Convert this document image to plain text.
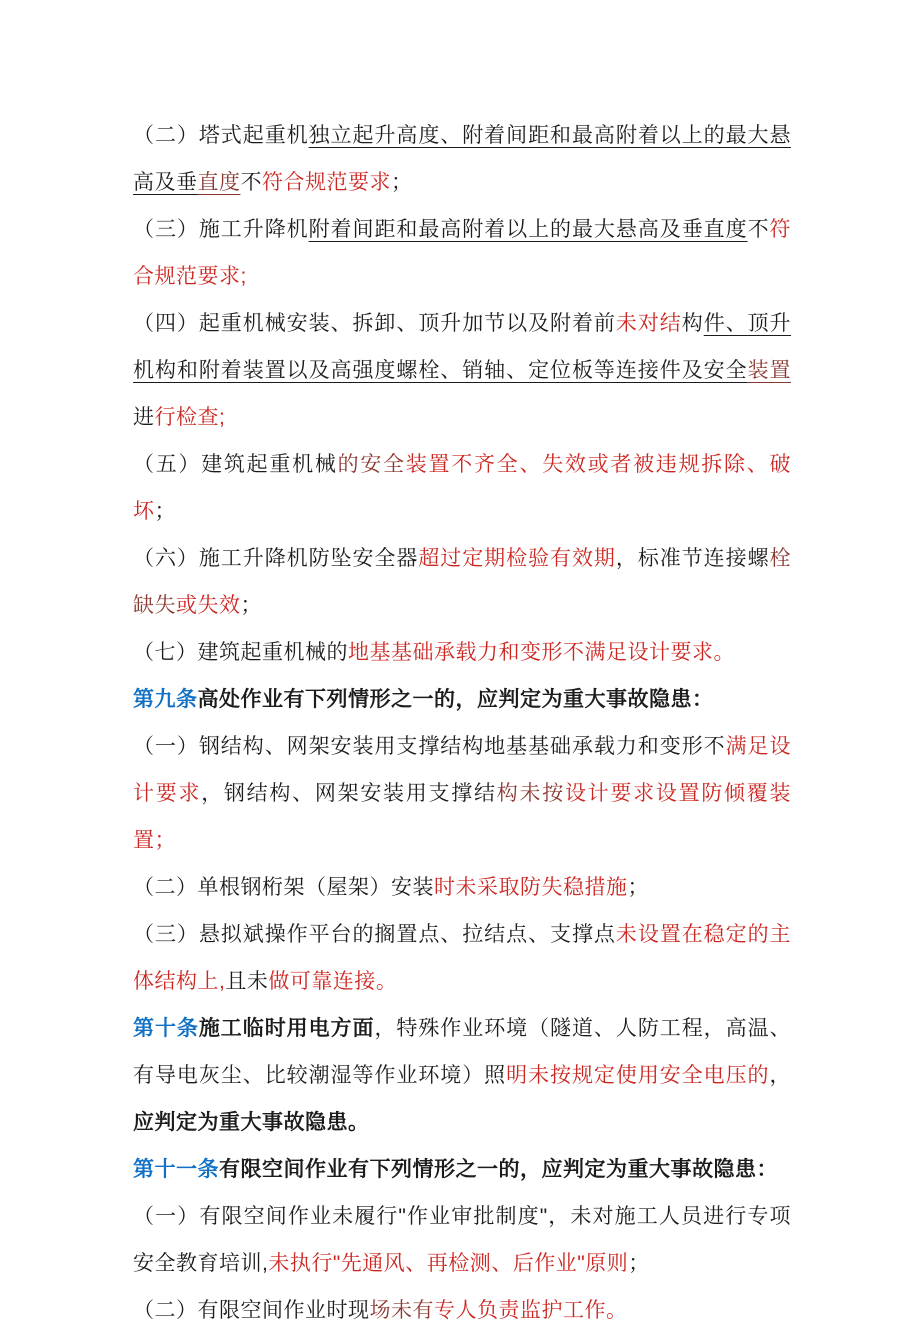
（二）塔式起重机独立起升高度、附着间距和最高附着以上的最大悬高及垂直度不符合规范要求；

（三）施工升降机附着间距和最高附着以上的最大悬高及垂直度不符合规范要求;

（四）起重机械安装、拆卸、顶升加节以及附着前未对结构件、顶升机构和附着装置以及高强度螺栓、销轴、定位板等连接件及安全装置进行检查;

（五）建筑起重机械的安全装置不齐全、失效或者被违规拆除、破坏；

（六）施工升降机防坠安全器超过定期检验有效期，标准节连接螺栓缺失或失效；

（七）建筑起重机械的地基基础承载力和变形不满足设计要求。

第九条高处作业有下列情形之一的，应判定为重大事故隐患：

（一）钢结构、网架安装用支撑结构地基基础承载力和变形不满足设计要求，钢结构、网架安装用支撑结构未按设计要求设置防倾覆装置；

（二）单根钢桁架（屋架）安装时未采取防失稳措施；

（三）悬拟斌操作平台的搁置点、拉结点、支撑点未设置在稳定的主体结构上,且未做可靠连接。

第十条施工临时用电方面，特殊作业环境（隧道、人防工程，高温、有导电灰尘、比较潮湿等作业环境）照明未按规定使用安全电压的，应判定为重大事故隐患。

第十一条有限空间作业有下列情形之一的，应判定为重大事故隐患：

（一）有限空间作业未履行"作业审批制度"，未对施工人员进行专项安全教育培训,未执行"先通风、再检测、后作业"原则；

（二）有限空间作业时现场未有专人负责监护工作。
